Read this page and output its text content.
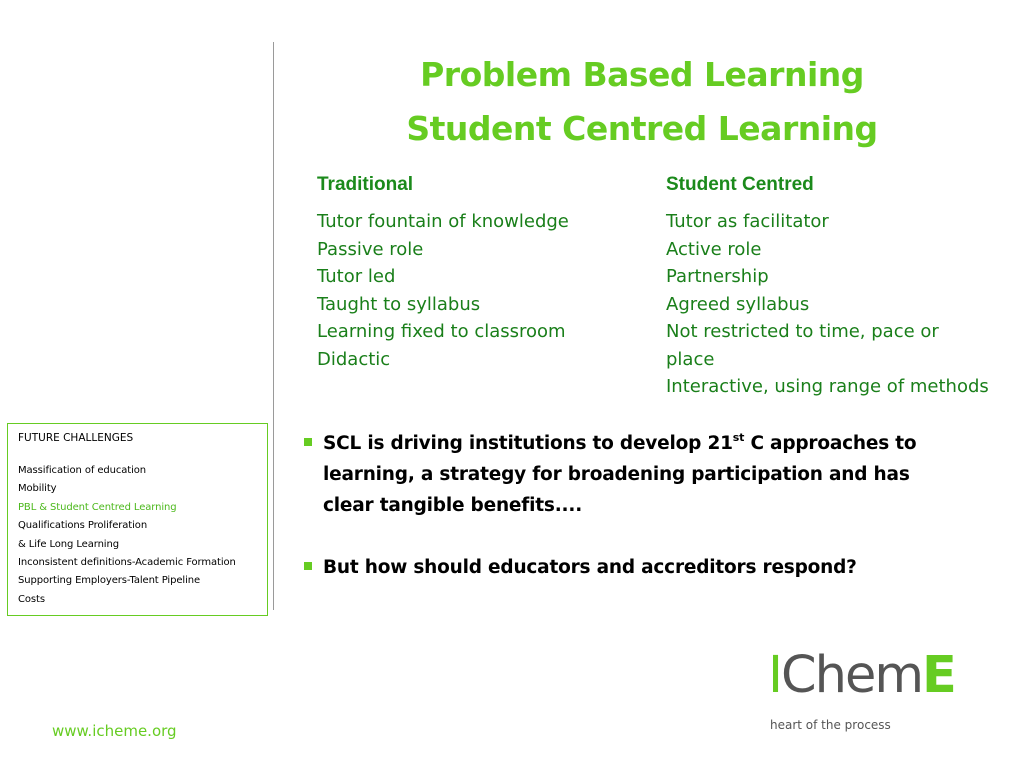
Problem Based Learning
Student Centred Learning
Traditional
Tutor fountain of knowledge
Passive role
Tutor led
Taught to syllabus
Learning fixed to classroom
Didactic
Student Centred
Tutor as facilitator
Active role
Partnership
Agreed syllabus
Not restricted to time, pace or place
Interactive, using range of methods
FUTURE CHALLENGES
Massification of education
Mobility
PBL & Student Centred Learning
Qualifications Proliferation
& Life Long Learning
Inconsistent definitions-Academic Formation
Supporting Employers-Talent Pipeline
Costs
SCL is driving institutions to develop 21st C approaches to learning, a strategy for broadening participation and has clear tangible benefits....
But how should educators and accreditors respond?
IChemE
heart of the process
www.icheme.org
